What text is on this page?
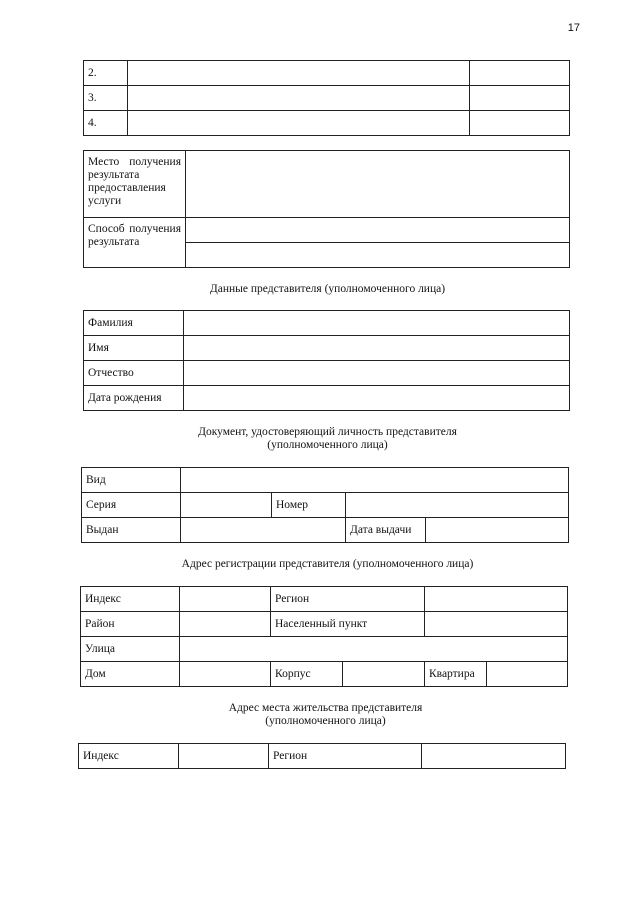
17
2.		
3.		
4.		
Место получения результата предоставления услуги	
Способ получения результата	

Данные представителя (уполномоченного лица)
Фамилия	
Имя	
Отчество	
Дата рождения	
Документ, удостоверяющий личность представителя
(уполномоченного лица)
Вид				
Серия		Номер		
Выдан			Дата выдачи	
Адрес регистрации представителя (уполномоченного лица)
Индекс		Регион			
Район		Населенный пункт			
Улица					
Дом		Корпус		Квартира	
Адрес места жительства представителя
(уполномоченного лица)
Индекс		Регион	
